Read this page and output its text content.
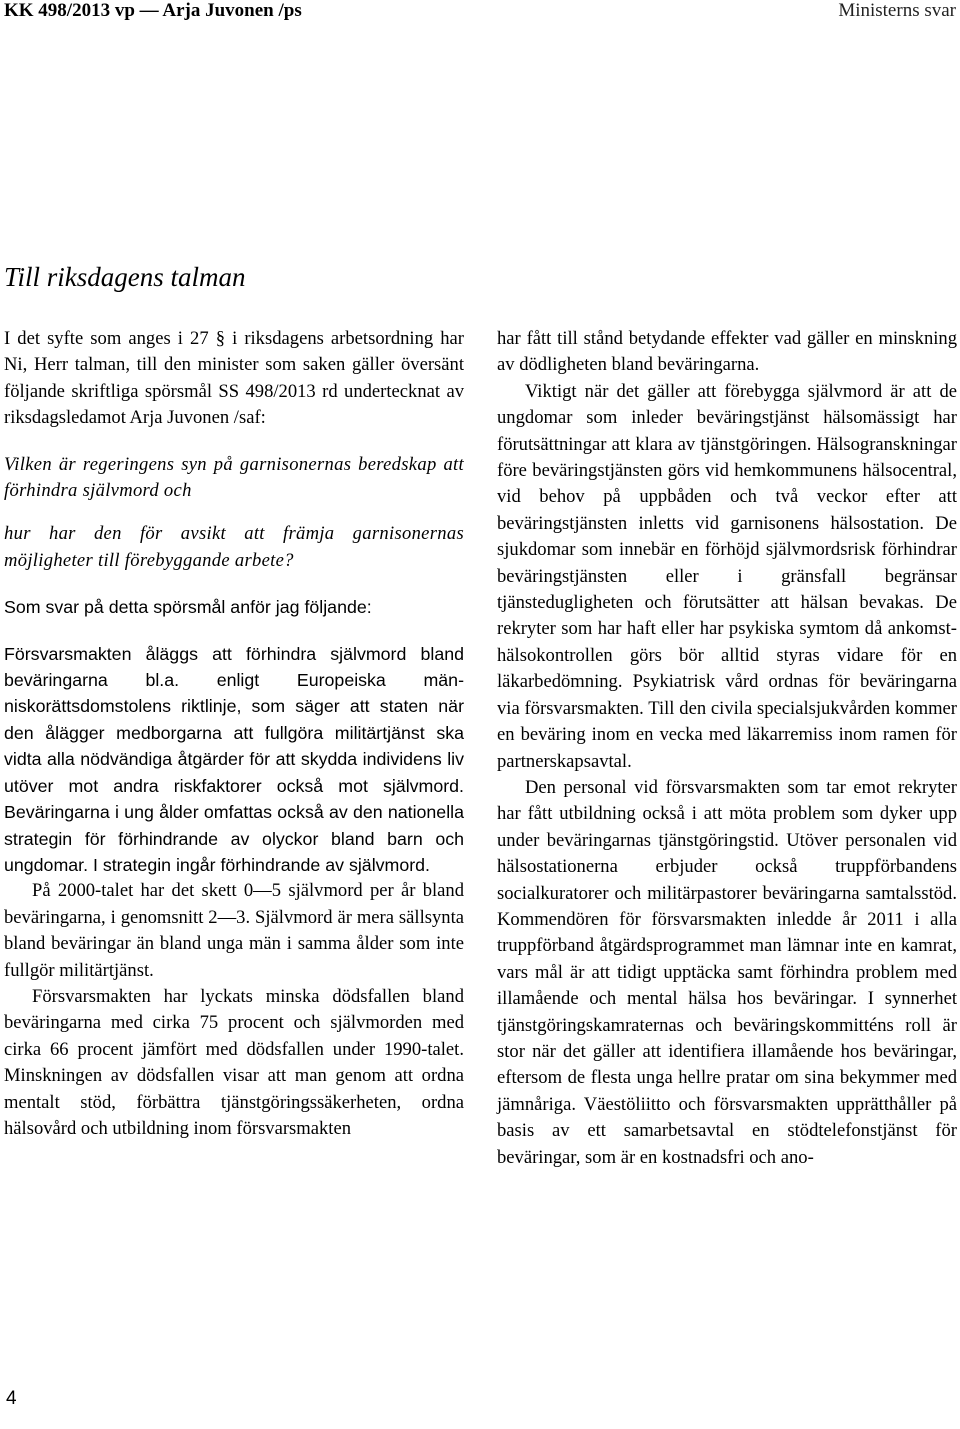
KK 498/2013 vp — Arja Juvonen /ps	Ministerns svar
Till riksdagens talman

I det syfte som anges i 27 § i riksdagens arbetsordning har Ni, Herr talman, till den minister som saken gäller översänt följande skriftliga spörsmål SS 498/2013 rd undertecknat av riksdagsledamot Arja Juvonen /saf:

Vilken är regeringens syn på garnisonernas beredskap att förhindra självmord och

hur har den för avsikt att främja garnisonernas möjligheter till förebyggande arbete?

Som svar på detta spörsmål anför jag följande:

Försvarsmakten åläggs att förhindra självmord bland beväringarna bl.a. enligt Europeiska människorättsdomstolens riktlinje, som säger att staten när den ålägger medborgarna att fullgöra militärtjänst ska vidta alla nödvändiga åtgärder för att skydda individens liv utöver mot andra riskfaktorer också mot självmord. Beväringarna i ung ålder omfattas också av den nationella strategin för förhindrande av olyckor bland barn och ungdomar. I strategin ingår förhindrande av självmord.

På 2000-talet har det skett 0—5 självmord per år bland beväringarna, i genomsnitt 2—3. Självmord är mera sällsynta bland beväringar än bland unga män i samma ålder som inte fullgör militärtjänst.

Försvarsmakten har lyckats minska dödsfallen bland beväringarna med cirka 75 procent och självmorden med cirka 66 procent jämfört med dödsfallen under 1990-talet. Minskningen av dödsfallen visar att man genom att ordna mentalt stöd, förbättra tjänstgöringssäkerheten, ordna hälsovård och utbildning inom försvarsmakten

har fått till stånd betydande effekter vad gäller en minskning av dödligheten bland beväringarna.

Viktigt när det gäller att förebygga självmord är att de ungdomar som inleder beväringstjänst hälsomässigt har förutsättningar att klara av tjänstgöringen. Hälsogranskningar före beväringstjänsten görs vid hemkommunens hälsocentral, vid behov på uppbåden och två veckor efter att beväringstjänsten inletts vid garnisonens hälsostation. De sjukdomar som innebär en förhöjd självmordsrisk förhindrar beväringstjänsten eller i gränsfall begränsar tjänstedugligheten och förutsätter att hälsan bevakas. De rekryter som har haft eller har psykiska symtom då ankomsthälsokontrollen görs bör alltid styras vidare för en läkarbedömning. Psykiatrisk vård ordnas för beväringarna via försvarsmakten. Till den civila specialsjukvården kommer en beväring inom en vecka med läkarremiss inom ramen för partnerskapsavtal.

Den personal vid försvarsmakten som tar emot rekryter har fått utbildning också i att möta problem som dyker upp under beväringarnas tjänstgöringstid. Utöver personalen vid hälsostationerna erbjuder också truppförbandens socialkuratorer och militärpastorer beväringarna samtalsstöd. Kommendören för försvarsmakten inledde år 2011 i alla truppförband åtgärdsprogrammet man lämnar inte en kamrat, vars mål är att tidigt upptäcka samt förhindra problem med illamående och mental hälsa hos beväringar. I synnerhet tjänstgöringskamraternas och beväringskommitténs roll är stor när det gäller att identifiera illamående hos beväringar, eftersom de flesta unga hellre pratar om sina bekymmer med jämnåriga. Väestöliitto och försvarsmakten upprätthåller på basis av ett samarbetsavtal en stödtelefonstjänst för beväringar, som är en kostnadsfri och ano-

4
